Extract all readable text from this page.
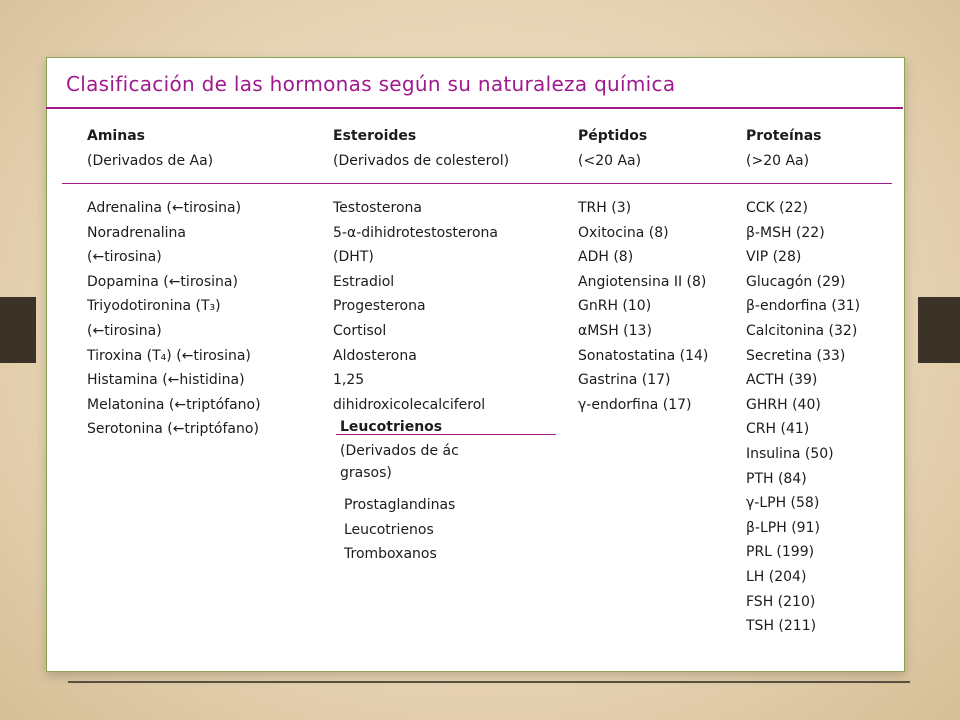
Clasificación de las hormonas según su naturaleza química
Aminas
(Derivados de Aa)
Adrenalina (←tirosina)
Noradrenalina
(←tirosina)
Dopamina (←tirosina)
Triyodotironina (T₃)
(←tirosina)
Tiroxina (T₄) (←tirosina)
Histamina (←histidina)
Melatonina (←triptófano)
Serotonina (←triptófano)
Esteroides
(Derivados de colesterol)
Testosterona
5-α-dihidrotestosterona
(DHT)
Estradiol
Progesterona
Cortisol
Aldosterona
1,25
dihidroxicolecalciferol
Péptidos
(<20 Aa)
TRH (3)
Oxitocina (8)
ADH (8)
Angiotensina II (8)
GnRH (10)
αMSH (13)
Sonatostatina (14)
Gastrina (17)
γ-endorfina (17)
Proteínas
(>20 Aa)
CCK (22)
β-MSH (22)
VIP (28)
Glucagón (29)
β-endorfina (31)
Calcitonina (32)
Secretina (33)
ACTH (39)
GHRH (40)
CRH (41)
Insulina (50)
PTH (84)
γ-LPH (58)
β-LPH (91)
PRL (199)
LH (204)
FSH (210)
TSH (211)
Leucotrienos
(Derivados de ác
grasos)
Prostaglandinas
Leucotrienos
Tromboxanos
